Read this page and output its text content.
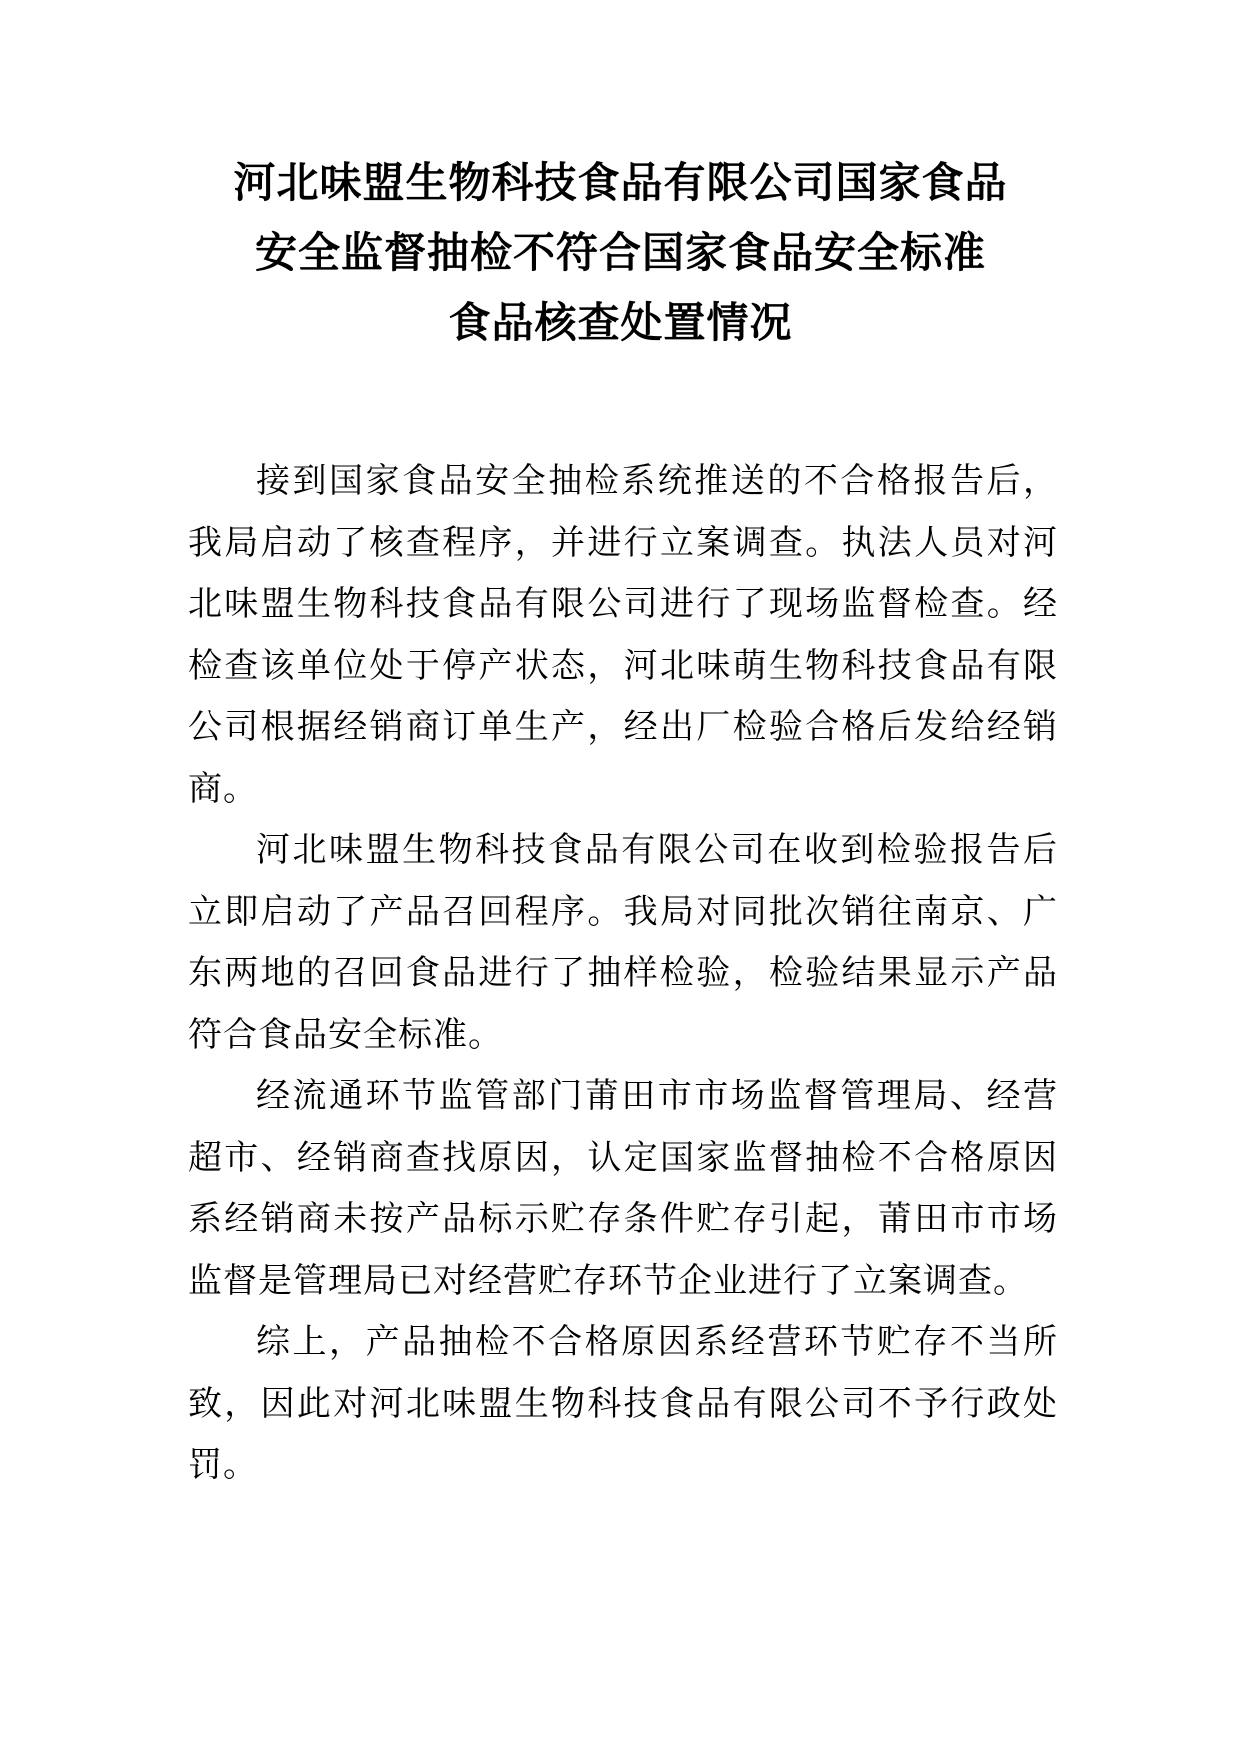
河北味盟生物科技食品有限公司国家食品
安全监督抽检不符合国家食品安全标准
食品核查处置情况

接到国家食品安全抽检系统推送的不合格报告后，我局启动了核查程序，并进行立案调查。执法人员对河北味盟生物科技食品有限公司进行了现场监督检查。经检查该单位处于停产状态，河北味萌生物科技食品有限公司根据经销商订单生产，经出厂检验合格后发给经销商。

河北味盟生物科技食品有限公司在收到检验报告后立即启动了产品召回程序。我局对同批次销往南京、广东两地的召回食品进行了抽样检验，检验结果显示产品符合食品安全标准。

经流通环节监管部门莆田市市场监督管理局、经营超市、经销商查找原因，认定国家监督抽检不合格原因系经销商未按产品标示贮存条件贮存引起，莆田市市场监督是管理局已对经营贮存环节企业进行了立案调查。

综上，产品抽检不合格原因系经营环节贮存不当所致，因此对河北味盟生物科技食品有限公司不予行政处罚。
